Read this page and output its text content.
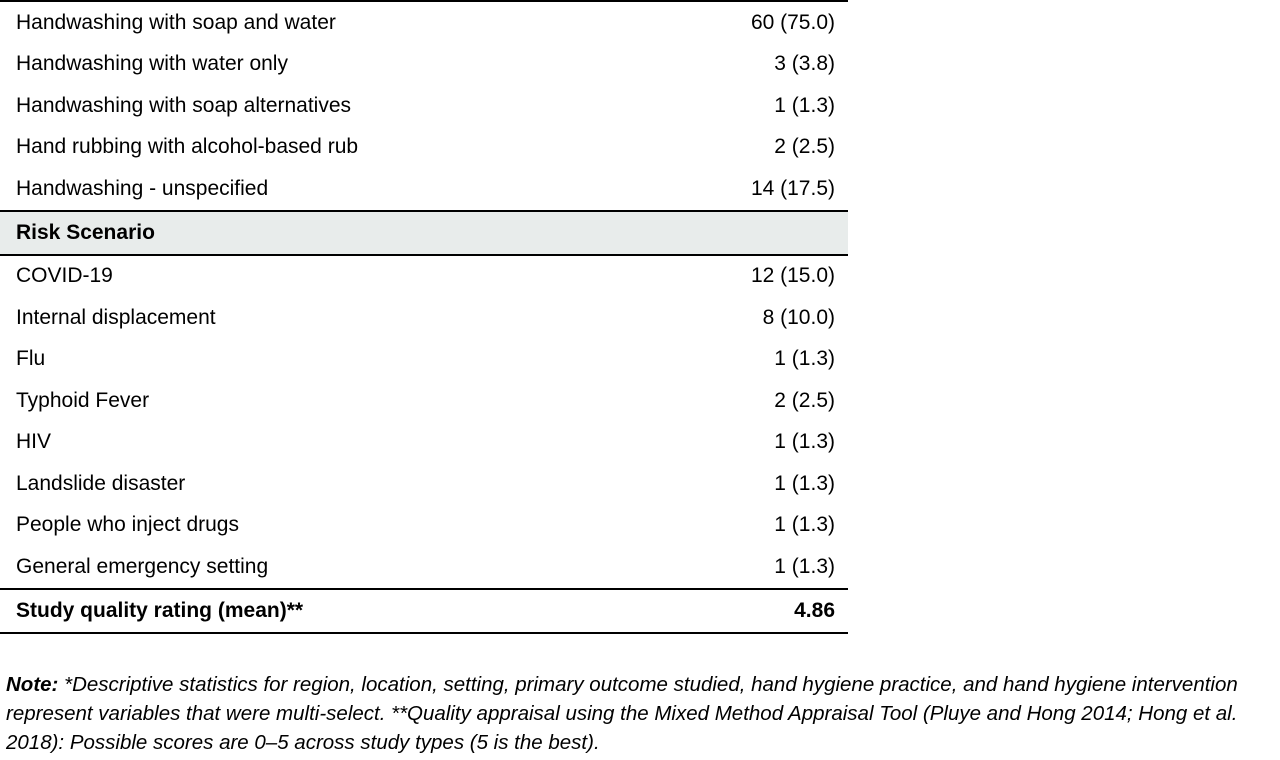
Handwashing with soap and water	60 (75.0)
Handwashing with water only	3 (3.8)
Handwashing with soap alternatives	1 (1.3)
Hand rubbing with alcohol-based rub	2 (2.5)
Handwashing - unspecified	14 (17.5)
Risk Scenario	
COVID-19	12 (15.0)
Internal displacement	8 (10.0)
Flu	1 (1.3)
Typhoid Fever	2 (2.5)
HIV	1 (1.3)
Landslide disaster	1 (1.3)
People who inject drugs	1 (1.3)
General emergency setting	1 (1.3)
Study quality rating (mean)**	4.86
Note: *Descriptive statistics for region, location, setting, primary outcome studied, hand hygiene practice, and hand hygiene intervention represent variables that were multi-select. **Quality appraisal using the Mixed Method Appraisal Tool (Pluye and Hong 2014; Hong et al. 2018): Possible scores are 0–5 across study types (5 is the best).
